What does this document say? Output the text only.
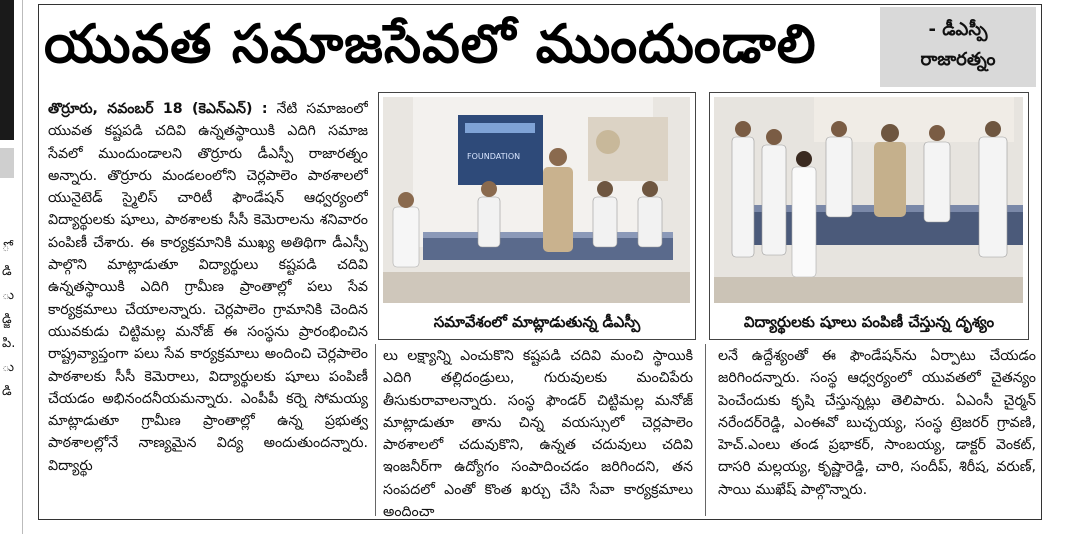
ో
డి
ు
డ్జి
పి.
ు
డి
యువత సమాజసేవలో ముందుండాలి	- డీఎస్పీ
రాజారత్నం

తొర్రూరు, నవంబర్ 18 (కెఎన్ఎన్) : నేటి సమాజంలో యువత కష్టపడి చదివి ఉన్నతస్థాయికి ఎదిగి సమాజ సేవలో ముందుండాలని తొర్రూరు డీఎస్పీ రాజారత్నం అన్నారు. తొర్రూరు మండలంలోని చెర్లపాలెం పాఠశాలలో యునైటెడ్ స్మైలిస్ చారిటీ ఫౌండేషన్ ఆధ్వర్యంలో విద్యార్థులకు షూలు, పాఠశాలకు సీసీ కెమెరాలను శనివారం పంపిణీ చేశారు. ఈ కార్యక్రమానికి ముఖ్య అతిథిగా డీఎస్పీ పాల్గొని మాట్లాడుతూ విద్యార్థులు కష్టపడి చదివి ఉన్నతస్థాయికి ఎదిగి గ్రామీణ ప్రాంతాల్లో పలు సేవ కార్యక్రమాలు చేయాలన్నారు. చెర్లపాలెం గ్రామానికి చెందిన యువకుడు చిట్టిమల్ల మనోజ్ ఈ సంస్థను ప్రారంభించిన రాష్ట్రవ్యాప్తంగా పలు సేవ కార్యక్రమాలు అందించి చెర్లపాలెం పాఠశాలకు సీసీ కెమెరాలు, విద్యార్థులకు షూలు పంపిణీ చేయడం అభినందనీయమన్నారు. ఎంపీపీ కర్నె సోమయ్య మాట్లాడుతూ గ్రామీణ ప్రాంతాల్లో ఉన్న ప్రభుత్వ పాఠశాలల్లోనే నాణ్యమైన విద్య అందుతుందన్నారు. విద్యార్థు

లు లక్ష్యాన్ని ఎంచుకొని కష్టపడి చదివి మంచి స్థాయికి ఎదిగి తల్లిదండ్రులు, గురువులకు మంచిపేరు తీసుకురావాలన్నారు. సంస్థ ఫౌండర్ చిట్టిమల్ల మనోజ్ మాట్లాడుతూ తాను చిన్న వయస్సులో చెర్లపాలెం పాఠశాలలో చదువుకొని, ఉన్నత చదువులు చదివి ఇంజనీర్‌గా ఉద్యోగం సంపాదించడం జరిగిందని, తన సంపదలో ఎంతో కొంత ఖర్చు చేసి సేవా కార్యక్రమాలు అందించా

లనే ఉద్దేశ్యంతో ఈ ఫౌండేషన్‌ను ఏర్పాటు చేయడం జరిగిందన్నారు. సంస్థ ఆధ్వర్యంలో యువతలో చైతన్యం పెంచేందుకు కృషి చేస్తున్నట్లు తెలిపారు. ఏఎంసీ చైర్మన్ నరేందర్‌రెడ్డి, ఎంఈవో బుచ్చయ్య, సంస్థ ట్రెజరర్ గ్రావణి, హెచ్.ఎంలు తండ ప్రభాకర్, సాంబయ్య, డాక్టర్ వెంకట్, దాసరి మల్లయ్య, కృష్ణారెడ్డి, చారి, సందీప్, శిరీష, వరుణ్, సాయి ముఖేష్ పాల్గొన్నారు.

FOUNDATION
సమావేశంలో మాట్లాడుతున్న డీఎస్పీ	విద్యార్థులకు షూలు పంపిణీ చేస్తున్న దృశ్యం
